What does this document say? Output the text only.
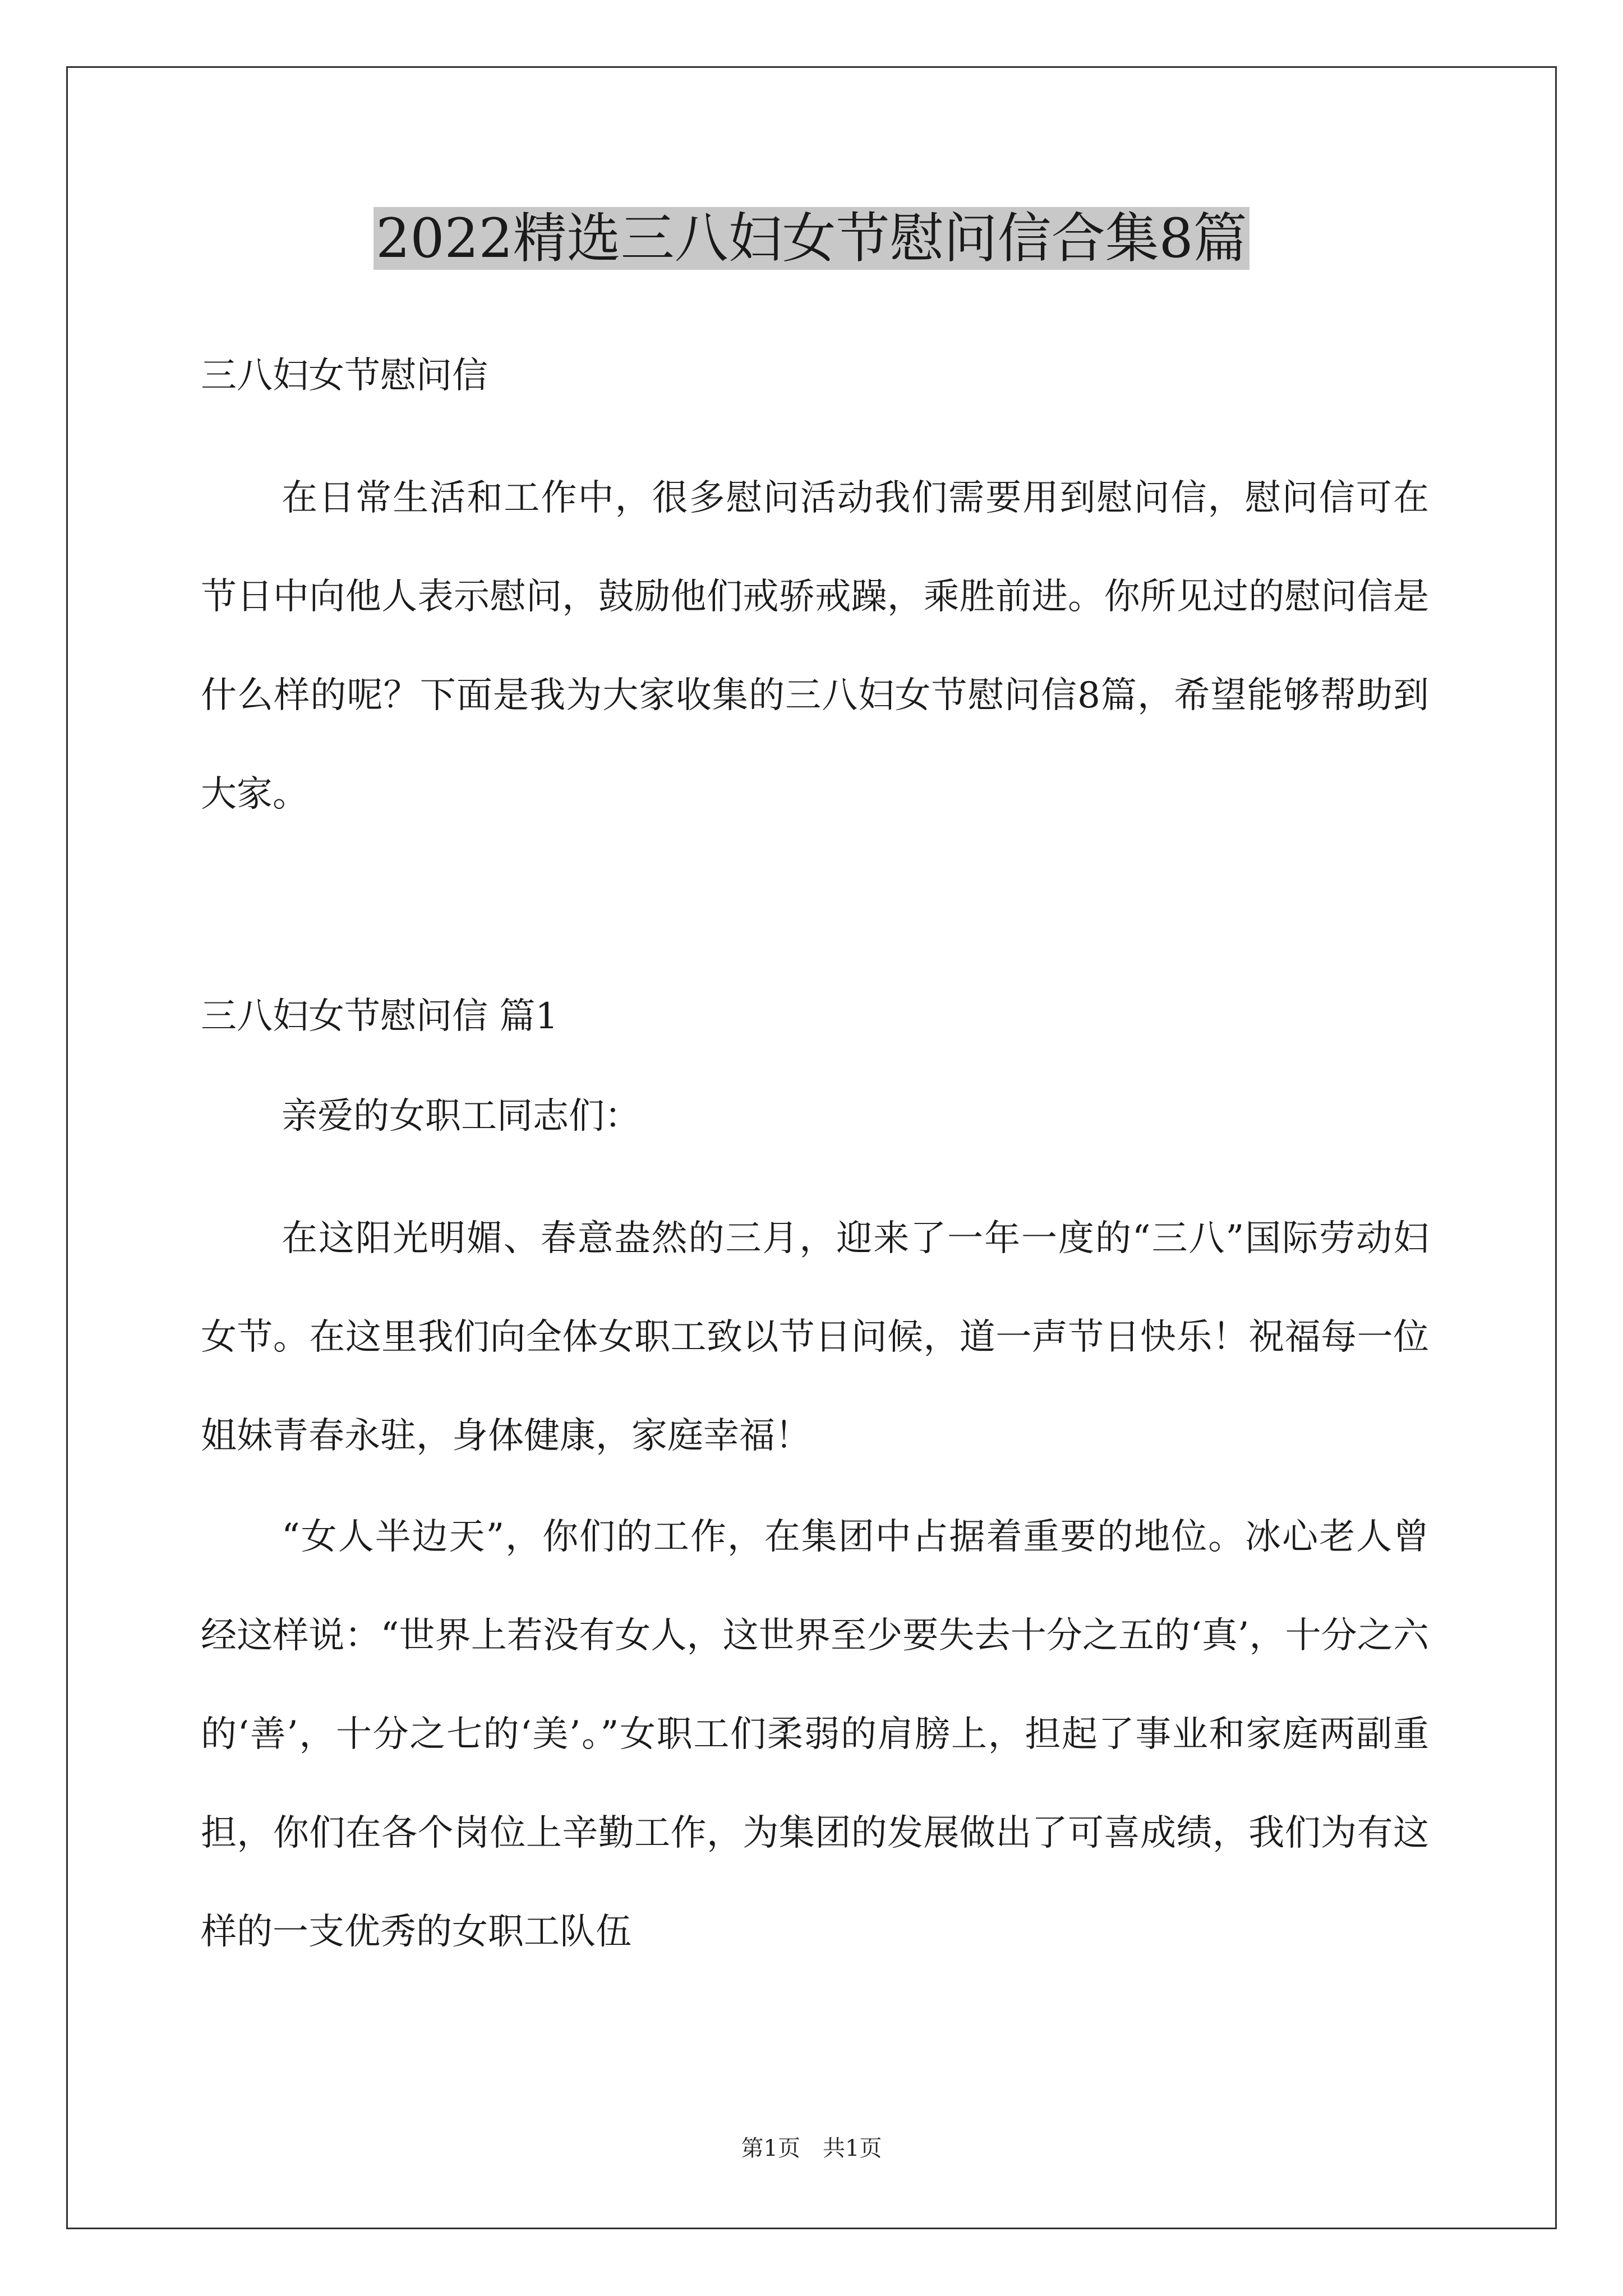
2022精选三八妇女节慰问信合集8篇

三八妇女节慰问信

在日常生活和工作中，很多慰问活动我们需要用到慰问信，慰问信可在节日中向他人表示慰问，鼓励他们戒骄戒躁，乘胜前进。你所见过的慰问信是什么样的呢？下面是我为大家收集的三八妇女节慰问信8篇，希望能够帮助到大家。

三八妇女节慰问信 篇1

亲爱的女职工同志们：

在这阳光明媚、春意盎然的三月，迎来了一年一度的“三八”国际劳动妇女节。在这里我们向全体女职工致以节日问候，道一声节日快乐！祝福每一位姐妹青春永驻，身体健康，家庭幸福！

“女人半边天”，你们的工作，在集团中占据着重要的地位。冰心老人曾经这样说：“世界上若没有女人，这世界至少要失去十分之五的‘真’，十分之六的‘善’，十分之七的‘美’。”女职工们柔弱的肩膀上，担起了事业和家庭两副重担，你们在各个岗位上辛勤工作，为集团的发展做出了可喜成绩，我们为有这样的一支优秀的女职工队伍

第1页　共1页
